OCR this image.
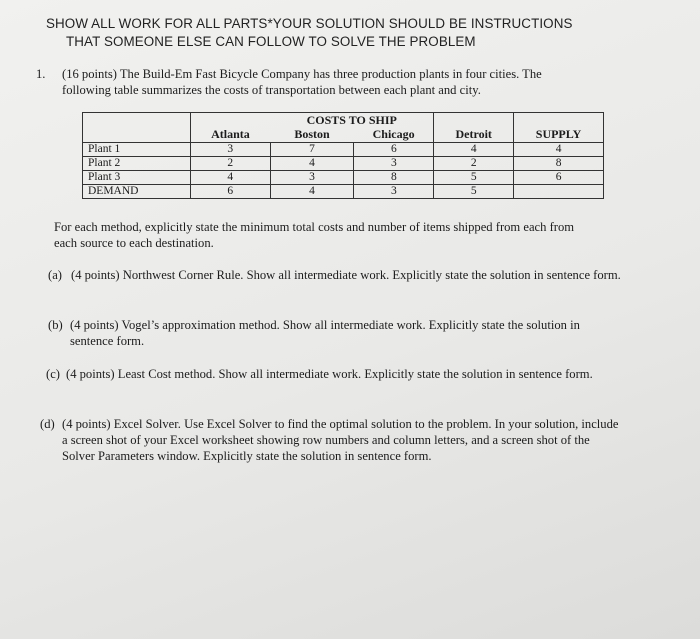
SHOW ALL WORK FOR ALL PARTS*YOUR SOLUTION SHOULD BE INSTRUCTIONS

THAT SOMEONE ELSE CAN FOLLOW TO SOLVE THE PROBLEM
1. (16 points) The Build-Em Fast Bicycle Company has three production plants in four cities. The following table summarizes the costs of transportation between each plant and city.
		COSTS TO SHIP			
	Atlanta	Boston	Chicago	Detroit	SUPPLY
Plant 1	3	7	6	4	4
Plant 2	2	4	3	2	8
Plant 3	4	3	8	5	6
DEMAND	6	4	3	5	
For each method, explicitly state the minimum total costs and number of items shipped from each from each source to each destination.
(a) (4 points) Northwest Corner Rule. Show all intermediate work. Explicitly state the solution in sentence form.
(b) (4 points) Vogel’s approximation method. Show all intermediate work. Explicitly state the solution in sentence form.
(c) (4 points) Least Cost method. Show all intermediate work. Explicitly state the solution in sentence form.
(d) (4 points) Excel Solver. Use Excel Solver to find the optimal solution to the problem. In your solution, include a screen shot of your Excel worksheet showing row numbers and column letters, and a screen shot of the Solver Parameters window. Explicitly state the solution in sentence form.
